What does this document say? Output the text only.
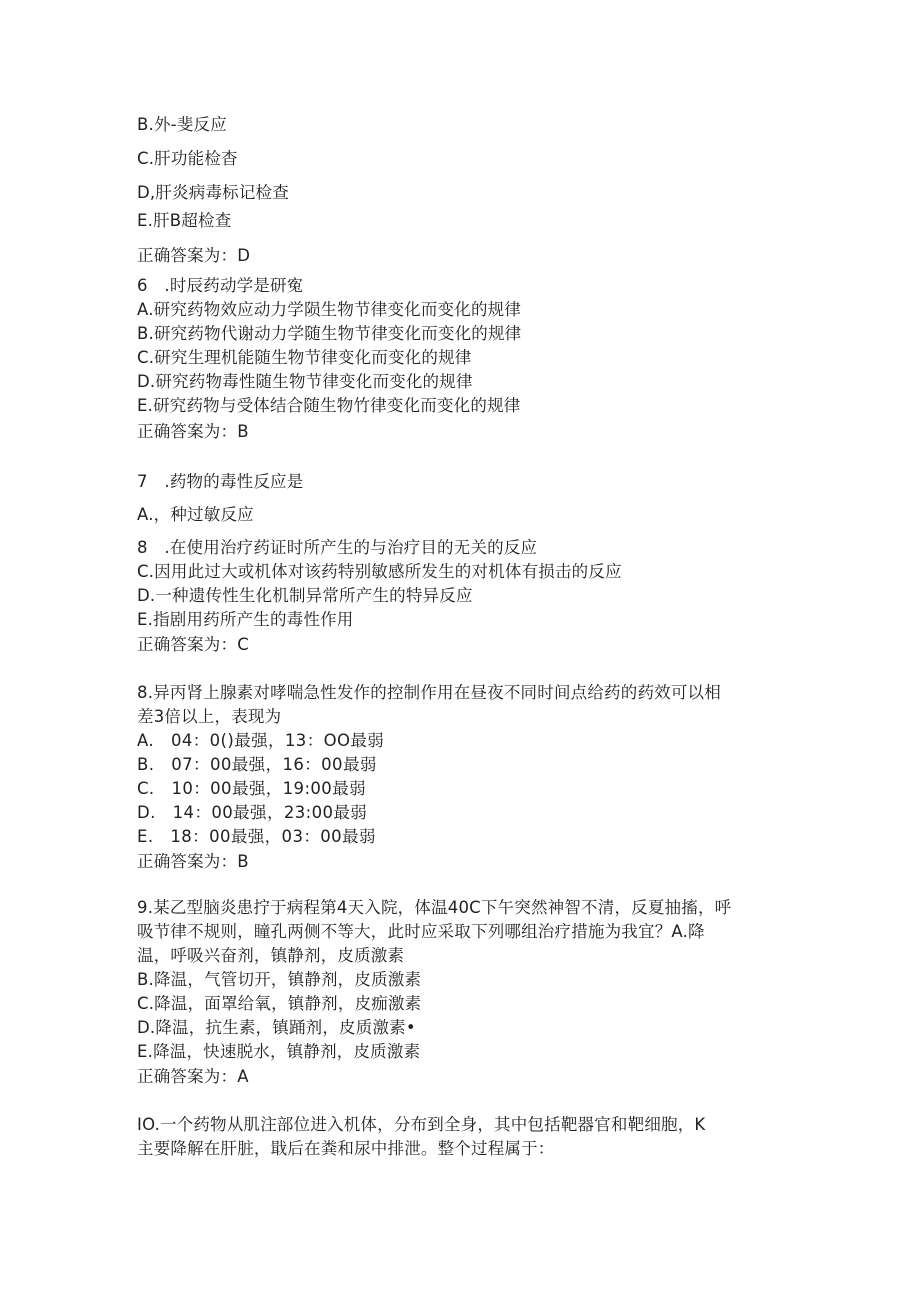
B.外-斐反应

C.肝功能检杳

D,肝炎病毒标记检查

E.肝B超检查

正确答案为：D

6　.时辰药动学是研寃

A.研究药物效应动力学陨生物节律变化而变化的规律

B.研究药物代谢动力学随生物节律变化而变化的规律

C.研究生理机能随生物节律变化而变化的规律

D.研究药物毒性随生物节律变化而变化的规律

E.研究药物与受体结合随生物竹律变化而变化的规律

正确答案为：B

7　.药物的毒性反应是

A.，种过敏反应

8　.在使用治疗药证时所产生的与治疗目的无关的反应

C.因用此过大或机体对该药特别敏感所发生的对机体有损击的反应

D.一种遗传性生化机制异常所产生的特异反应

E.指剧用药所产生的毒性作用

正确答案为：C

8.异丙肾上腺素对哮喘急性发作的控制作用在昼夜不同时间点给药的药效可以相

差3倍以上，表现为

A.　04：0()最强，13：OO最弱

B.　07：00最强，16：00最弱

C.　10：00最强，19:00最弱

D.　14：00最强，23:00最弱

E.　18：00最强，03：00最弱

正确答案为：B

9.某乙型脑炎患拧于病程第4天入院，体温40C下午突然神智不清，反夏抽搐，呼

吸节律不规则，瞳孔两侧不等大，此时应采取下列哪组治疗措施为我宜？A.降

温，呼吸兴奋剂，镇静剂，皮质激素

B.降温，气管切开，镇静剂，皮质激素

C.降温，面罩给氧，镇静剂，皮痂激素

D.降温，抗生素，镇踊剂，皮质激素•

E.降温，快速脱水，镇静剂，皮质激素

正确答案为：A

IO.一个药物从肌注部位进入机体，分布到全身，其中包括靶器官和靶细胞，K

主要降解在肝脏，戢后在粪和尿中排泄。整个过程属于：
